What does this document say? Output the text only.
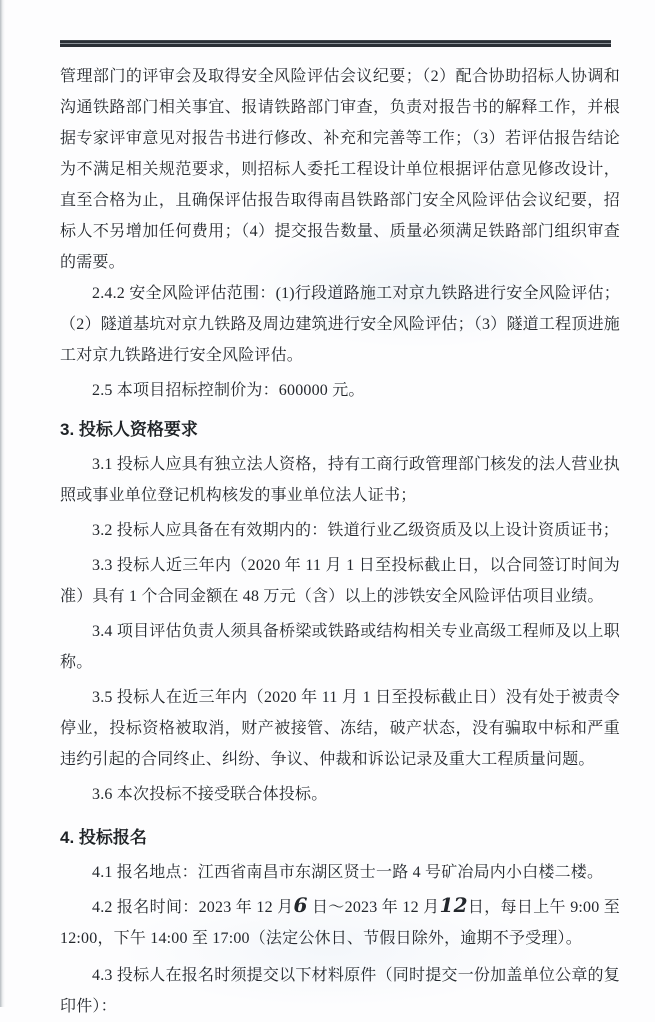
管理部门的评审会及取得安全风险评估会议纪要；（2）配合协助招标人协调和沟通铁路部门相关事宜、报请铁路部门审查，负责对报告书的解释工作，并根据专家评审意见对报告书进行修改、补充和完善等工作；（3）若评估报告结论为不满足相关规范要求，则招标人委托工程设计单位根据评估意见修改设计，直至合格为止，且确保评估报告取得南昌铁路部门安全风险评估会议纪要，招标人不另增加任何费用；（4）提交报告数量、质量必须满足铁路部门组织审查的需要。

2.4.2 安全风险评估范围：(1)行段道路施工对京九铁路进行安全风险评估；（2）隧道基坑对京九铁路及周边建筑进行安全风险评估；（3）隧道工程顶进施工对京九铁路进行安全风险评估。

2.5 本项目招标控制价为：600000 元。

3. 投标人资格要求

3.1 投标人应具有独立法人资格，持有工商行政管理部门核发的法人营业执照或事业单位登记机构核发的事业单位法人证书；

3.2 投标人应具备在有效期内的：铁道行业乙级资质及以上设计资质证书；

3.3 投标人近三年内（2020 年 11 月 1 日至投标截止日，以合同签订时间为准）具有 1 个合同金额在 48 万元（含）以上的涉铁安全风险评估项目业绩。

3.4 项目评估负责人须具备桥梁或铁路或结构相关专业高级工程师及以上职称。

3.5 投标人在近三年内（2020 年 11 月 1 日至投标截止日）没有处于被责令停业，投标资格被取消，财产被接管、冻结，破产状态，没有骗取中标和严重违约引起的合同终止、纠纷、争议、仲裁和诉讼记录及重大工程质量问题。

3.6 本次投标不接受联合体投标。

4. 投标报名

4.1 报名地点：江西省南昌市东湖区贤士一路 4 号矿冶局内小白楼二楼。

4.2 报名时间：2023 年 12 月6 日～2023 年 12 月12日，每日上午 9:00 至 12:00，下午 14:00 至 17:00（法定公休日、节假日除外，逾期不予受理）。

4.3 投标人在报名时须提交以下材料原件（同时提交一份加盖单位公章的复印件）：
